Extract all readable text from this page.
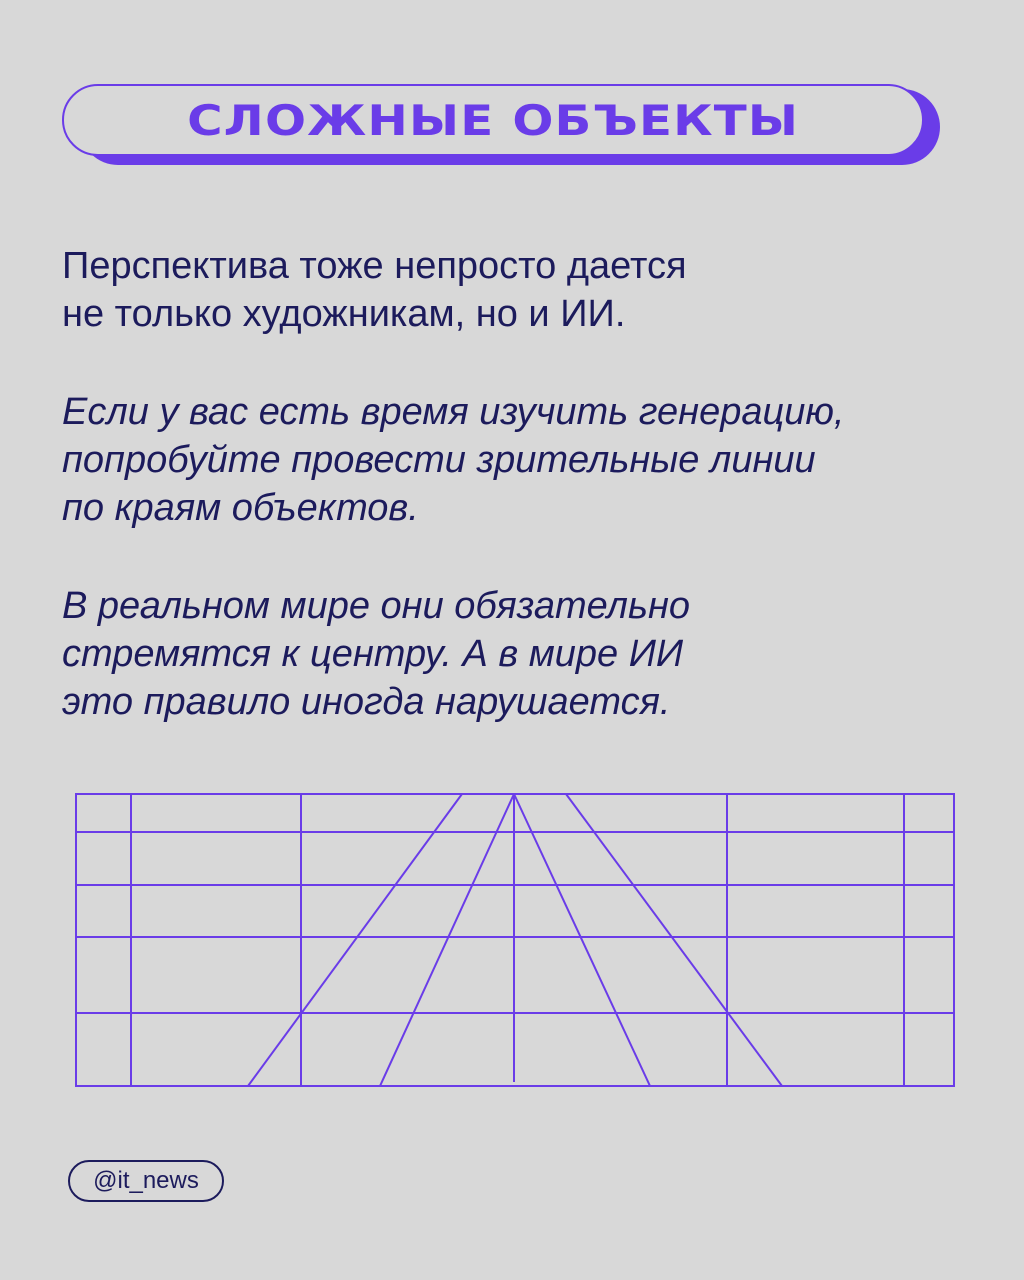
СЛОЖНЫЕ ОБЪЕКТЫ

Перспектива тоже непросто дается
не только художникам, но и ИИ.

Если у вас есть время изучить генерацию,
попробуйте провести зрительные линии
по краям объектов.

В реальном мире они обязательно
стремятся к центру. А в мире ИИ
это правило иногда нарушается.

@it_news
